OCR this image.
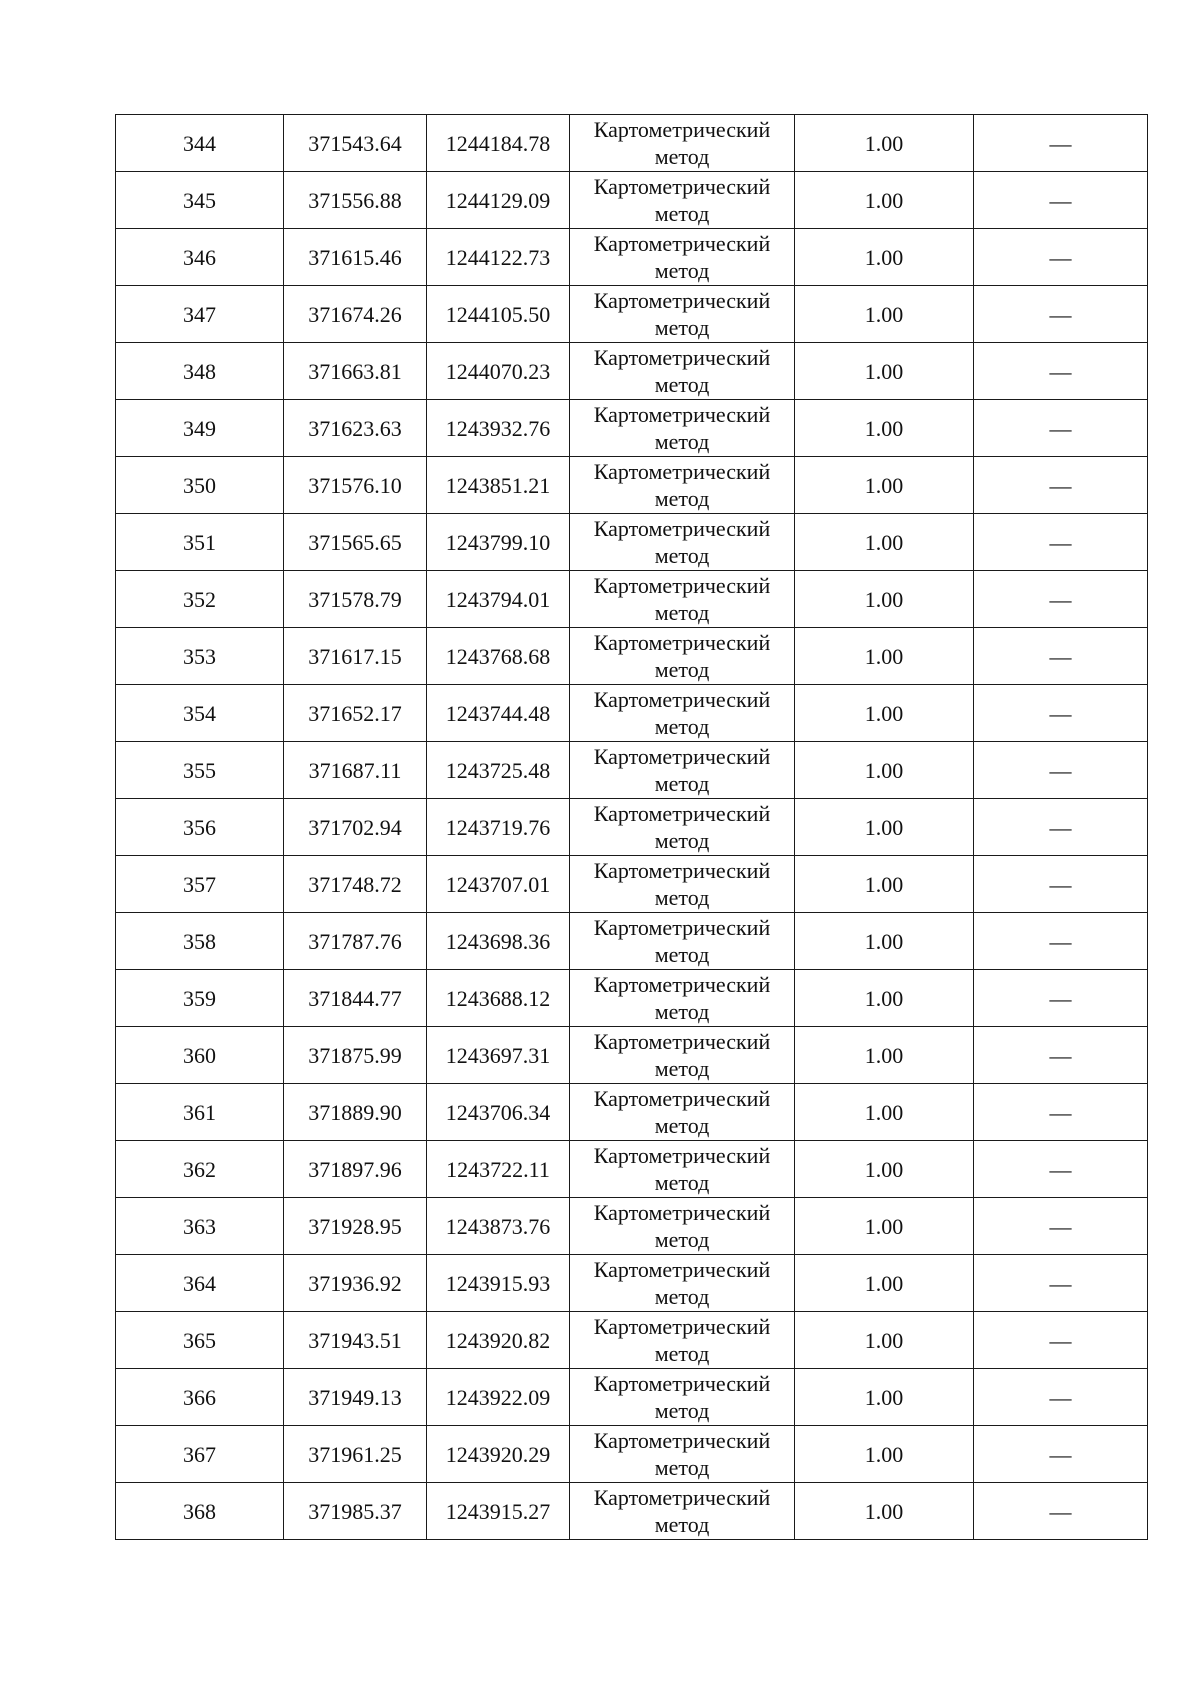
344	371543.64	1244184.78	Картометрический метод	1.00	—
345	371556.88	1244129.09	Картометрический метод	1.00	—
346	371615.46	1244122.73	Картометрический метод	1.00	—
347	371674.26	1244105.50	Картометрический метод	1.00	—
348	371663.81	1244070.23	Картометрический метод	1.00	—
349	371623.63	1243932.76	Картометрический метод	1.00	—
350	371576.10	1243851.21	Картометрический метод	1.00	—
351	371565.65	1243799.10	Картометрический метод	1.00	—
352	371578.79	1243794.01	Картометрический метод	1.00	—
353	371617.15	1243768.68	Картометрический метод	1.00	—
354	371652.17	1243744.48	Картометрический метод	1.00	—
355	371687.11	1243725.48	Картометрический метод	1.00	—
356	371702.94	1243719.76	Картометрический метод	1.00	—
357	371748.72	1243707.01	Картометрический метод	1.00	—
358	371787.76	1243698.36	Картометрический метод	1.00	—
359	371844.77	1243688.12	Картометрический метод	1.00	—
360	371875.99	1243697.31	Картометрический метод	1.00	—
361	371889.90	1243706.34	Картометрический метод	1.00	—
362	371897.96	1243722.11	Картометрический метод	1.00	—
363	371928.95	1243873.76	Картометрический метод	1.00	—
364	371936.92	1243915.93	Картометрический метод	1.00	—
365	371943.51	1243920.82	Картометрический метод	1.00	—
366	371949.13	1243922.09	Картометрический метод	1.00	—
367	371961.25	1243920.29	Картометрический метод	1.00	—
368	371985.37	1243915.27	Картометрический метод	1.00	—
